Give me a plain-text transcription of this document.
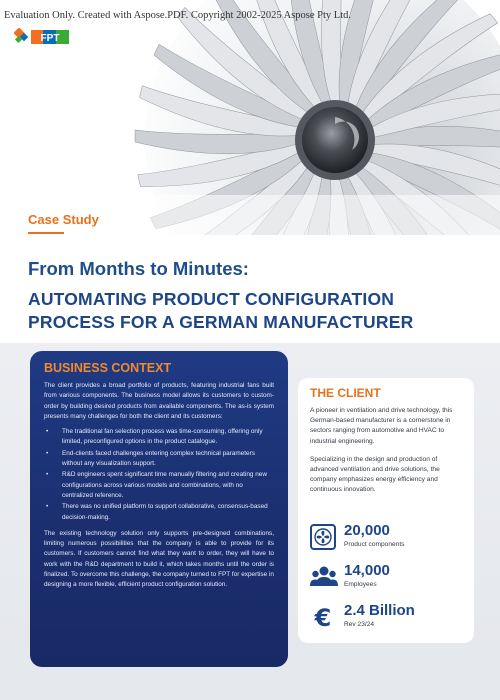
Evaluation Only. Created with Aspose.PDF. Copyright 2002-2025 Aspose Pty Ltd.
FPT
Case Study
From Months to Minutes:
AUTOMATING PRODUCT CONFIGURATION
PROCESS FOR A GERMAN MANUFACTURER
BUSINESS CONTEXT

The client provides a broad portfolio of products, featuring industrial fans built from various components. The business model allows its customers to custom-order by building desired products from available components. The as-is system presents many challenges for both the client and its customers:

• The traditional fan selection process was time-consuming, offering only limited, preconfigured options in the product catalogue.
• End-clients faced challenges entering complex technical parameters without any visualization support.
• R&D engineers spent significant time manually filtering and creating new configurations across various models and combinations, with no centralized reference.
• There was no unified platform to support collaborative, consensus-based decision-making.

The existing technology solution only supports pre-designed combinations, limiting numerous possibilities that the company is able to provide for its customers. If customers cannot find what they want to order, they will have to work with the R&D department to build it, which takes months until the order is finalized. To overcome this challenge, the company turned to FPT for expertise in designing a more flexible, efficient product configuration solution.

THE CLIENT

A pioneer in ventilation and drive technology, this German-based manufacturer is a cornerstone in sectors ranging from automotive and HVAC to industrial engineering.

Specializing in the design and production of advanced ventilation and drive solutions, the company emphasizes energy efficiency and continuous innovation.

20,000
Product components
14,000
Employees
€ 2.4 Billion
Rev 23/24
